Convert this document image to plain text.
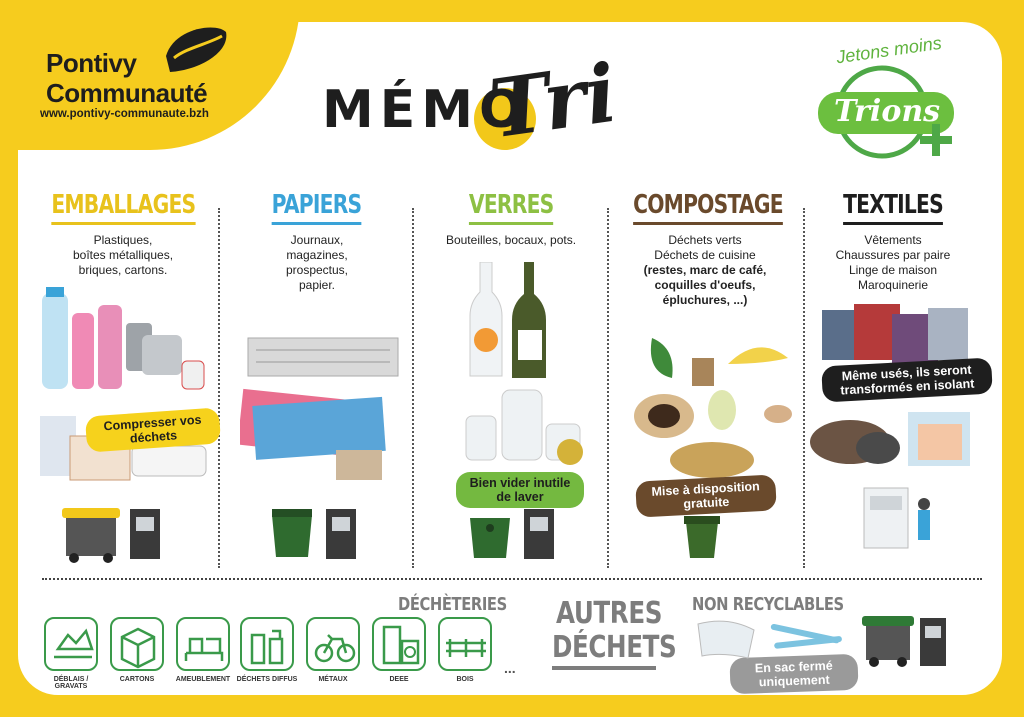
Pontivy
Communauté
www.pontivy-communaute.bzh MÉMO
Tri	Jetons moins
Trions
EMBALLAGES
Plastiques,
boîtes métalliques,
briques, cartons.
PAPIERS
Journaux,
magazines,
prospectus,
papier.
VERRES
Bouteilles, bocaux, pots.
COMPOSTAGE
Déchets verts
Déchets de cuisine
(restes, marc de café, coquilles d'oeufs, épluchures, ...)
TEXTILES
Vêtements
Chaussures par paire
Linge de maison
Maroquinerie
Compresser vos déchets
Bien vider inutile de laver	Mise à disposition gratuite
Même usés, ils seront transformés en isolant
En sac fermé uniquement
DÉCHÈTERIES AUTRES
DÉCHETS
NON RECYCLABLES
DÉBLAIS / GRAVATS
CARTONS	AMEUBLEMENT DÉCHETS DIFFUS	MÉTAUX	DEEE	BOIS
...
